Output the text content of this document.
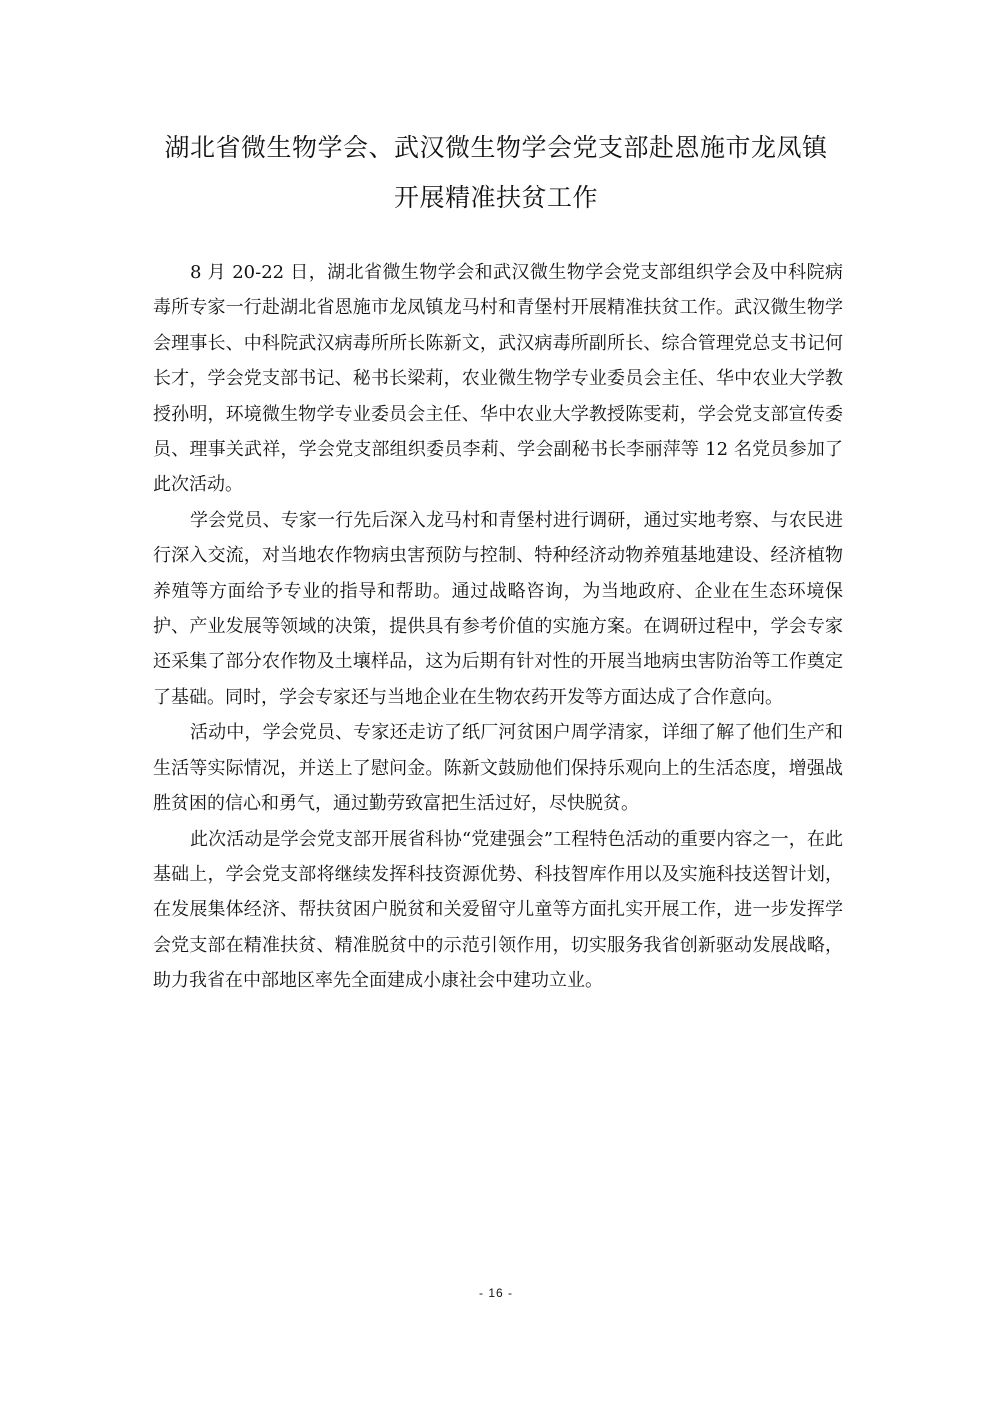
湖北省微生物学会、武汉微生物学会党支部赴恩施市龙凤镇
开展精准扶贫工作

8 月 20-22 日，湖北省微生物学会和武汉微生物学会党支部组织学会及中科院病毒所专家一行赴湖北省恩施市龙凤镇龙马村和青堡村开展精准扶贫工作。武汉微生物学会理事长、中科院武汉病毒所所长陈新文，武汉病毒所副所长、综合管理党总支书记何长才，学会党支部书记、秘书长梁莉，农业微生物学专业委员会主任、华中农业大学教授孙明，环境微生物学专业委员会主任、华中农业大学教授陈雯莉，学会党支部宣传委员、理事关武祥，学会党支部组织委员李莉、学会副秘书长李丽萍等 12 名党员参加了此次活动。

学会党员、专家一行先后深入龙马村和青堡村进行调研，通过实地考察、与农民进行深入交流，对当地农作物病虫害预防与控制、特种经济动物养殖基地建设、经济植物养殖等方面给予专业的指导和帮助。通过战略咨询，为当地政府、企业在生态环境保护、产业发展等领域的决策，提供具有参考价值的实施方案。在调研过程中，学会专家还采集了部分农作物及土壤样品，这为后期有针对性的开展当地病虫害防治等工作奠定了基础。同时，学会专家还与当地企业在生物农药开发等方面达成了合作意向。

活动中，学会党员、专家还走访了纸厂河贫困户周学清家，详细了解了他们生产和生活等实际情况，并送上了慰问金。陈新文鼓励他们保持乐观向上的生活态度，增强战胜贫困的信心和勇气，通过勤劳致富把生活过好，尽快脱贫。

此次活动是学会党支部开展省科协“党建强会”工程特色活动的重要内容之一，在此基础上，学会党支部将继续发挥科技资源优势、科技智库作用以及实施科技送智计划，在发展集体经济、帮扶贫困户脱贫和关爱留守儿童等方面扎实开展工作，进一步发挥学会党支部在精准扶贫、精准脱贫中的示范引领作用，切实服务我省创新驱动发展战略，助力我省在中部地区率先全面建成小康社会中建功立业。

- 16 -
